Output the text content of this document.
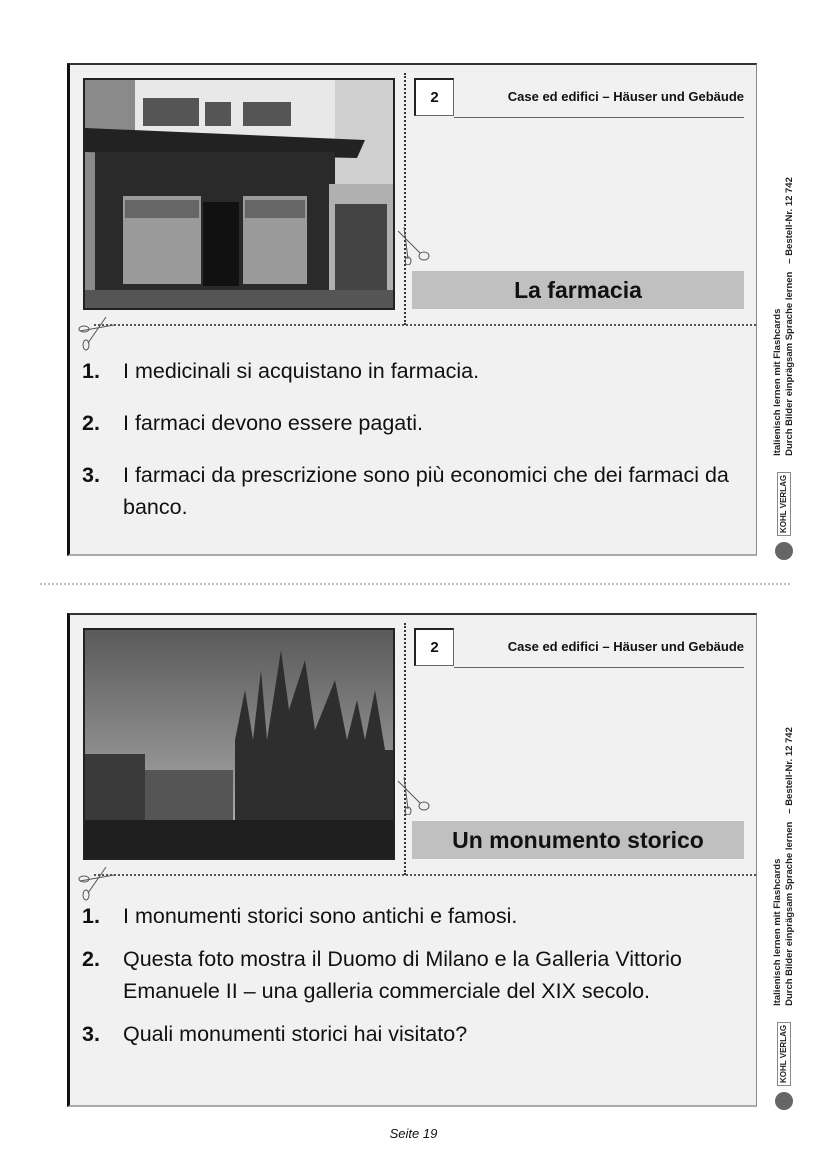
2	Case ed edifici – Häuser und Gebäude
La farmacia
1.	I medicinali si acquistano in farmacia.
2.	I farmaci devono essere pagati.
3.	I farmaci da prescrizione sono più economici che dei farmaci da banco.	KOHL VERLAG
Italienisch lernen mit Flashcards Durch Bilder einprägsam Sprache lernen   – Bestell-Nr. 12 742
2	Case ed edifici – Häuser und Gebäude
Un monumento storico
1.	I monumenti storici sono antichi e famosi.
2.	Questa foto mostra il Duomo di Milano e la Galleria Vittorio Emanuele II – una galleria commerciale del XIX secolo.
3.	Quali monumenti storici hai visitato?	KOHL VERLAG
Italienisch lernen mit Flashcards Durch Bilder einprägsam Sprache lernen   – Bestell-Nr. 12 742
Seite 19
